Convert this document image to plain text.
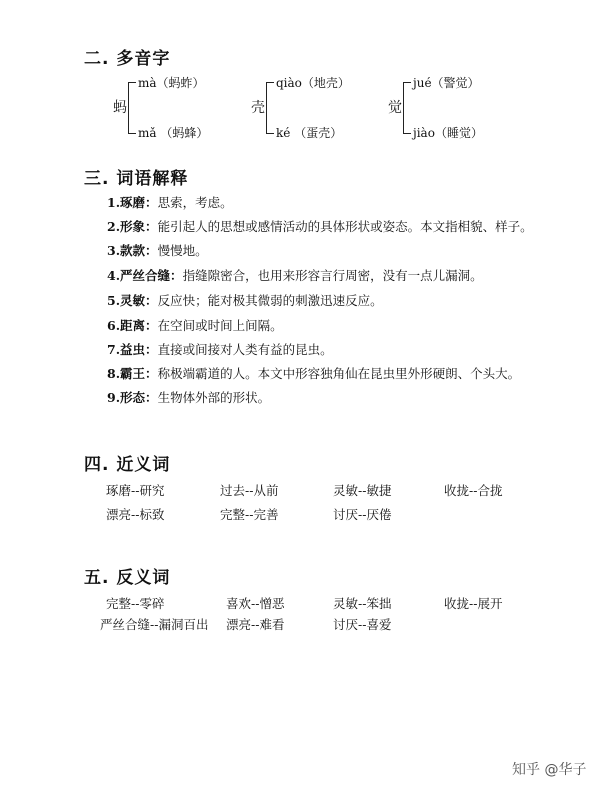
二. 多音字
蚂
mà（蚂蚱）
mǎ （蚂蜂）
壳
qiào（地壳）
ké （蛋壳）
觉
jué（警觉）
jiào（睡觉）
三. 词语解释
1.琢磨：思索，考虑。
2.形象：能引起人的思想或感情活动的具体形状或姿态。本文指相貌、样子。
3.款款：慢慢地。
4.严丝合缝：指缝隙密合，也用来形容言行周密，没有一点儿漏洞。
5.灵敏：反应快；能对极其微弱的刺激迅速反应。
6.距离：在空间或时间上间隔。
7.益虫：直接或间接对人类有益的昆虫。
8.霸王：称极端霸道的人。本文中形容独角仙在昆虫里外形硬朗、个头大。
9.形态：生物体外部的形状。
四. 近义词
琢磨--研究	过去--从前	灵敏--敏捷	收拢--合拢
漂亮--标致	完整--完善	讨厌--厌倦
五. 反义词
完整--零碎	喜欢--憎恶	灵敏--笨拙	收拢--展开
严丝合缝--漏洞百出 漂亮--难看	讨厌--喜爱
知乎 @华子
